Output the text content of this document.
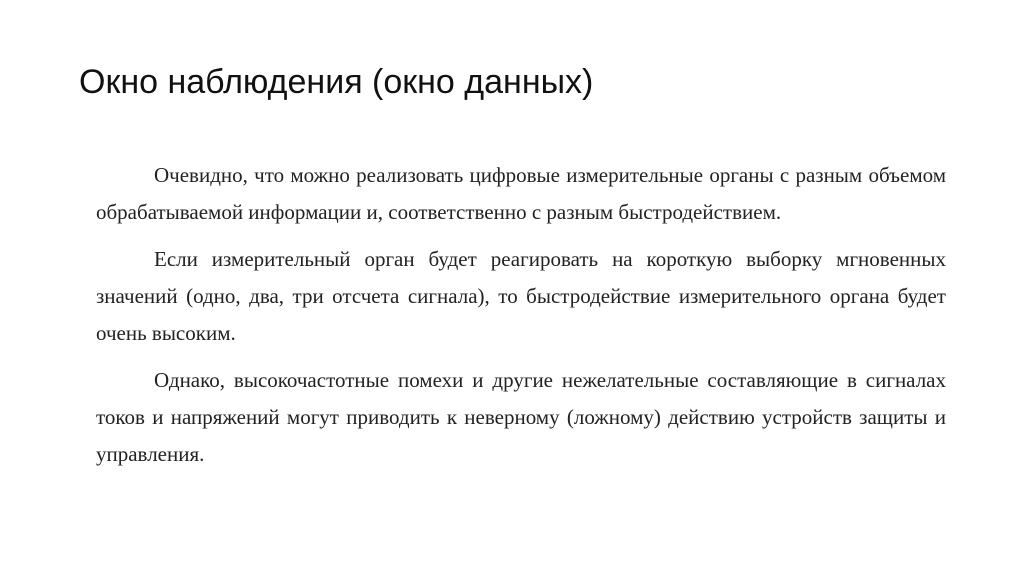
Окно наблюдения (окно данных)

Очевидно, что можно реализовать цифровые измерительные органы с разным объемом обрабатываемой информации и, соответственно с разным быстродействием.

Если измерительный орган будет реагировать на короткую выборку мгновенных значений (одно, два, три отсчета сигнала), то быстродействие измерительного органа будет очень высоким.

Однако, высокочастотные помехи и другие нежелательные составляющие в сигналах токов и напряжений могут приводить к неверному (ложному) действию устройств защиты и управления.
